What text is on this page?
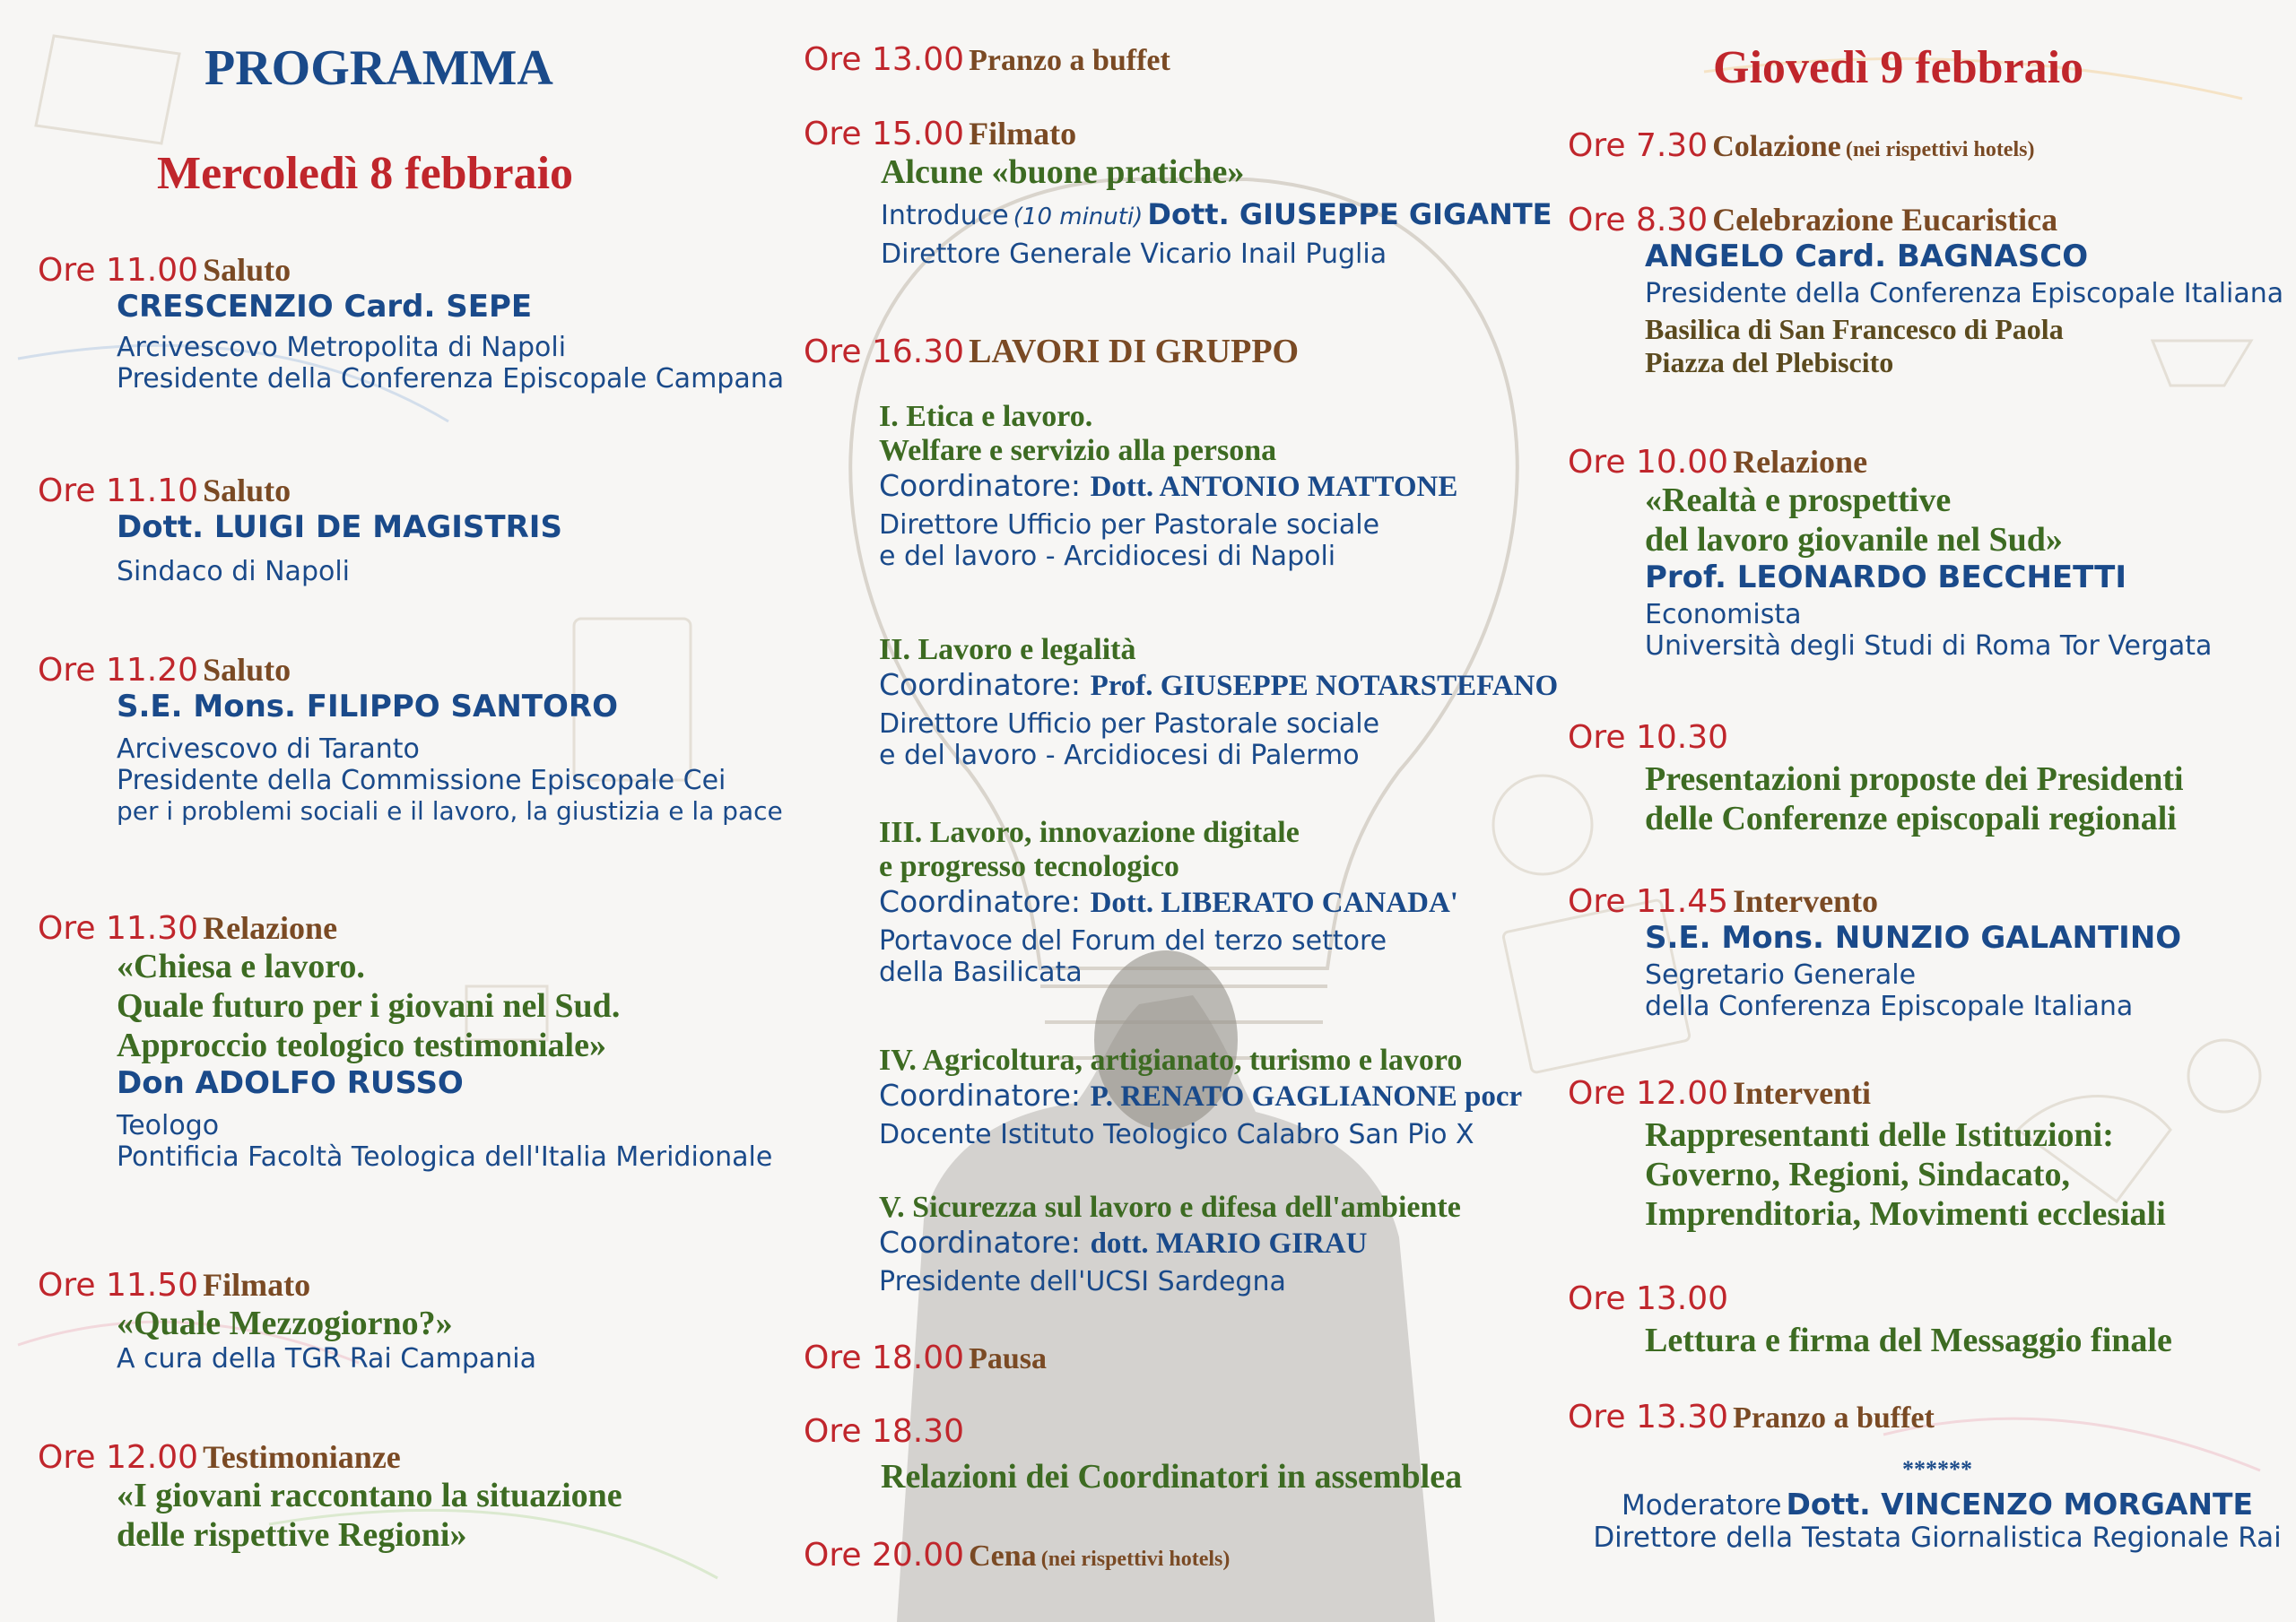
PROGRAMMA
Mercoledì 8 febbraio
Ore 11.00 Saluto
CRESCENZIO Card. SEPE
Arcivescovo Metropolita di Napoli
Presidente della Conferenza Episcopale Campana
Ore 11.10 Saluto
Dott. LUIGI DE MAGISTRIS
Sindaco di Napoli
Ore 11.20 Saluto
S.E. Mons. FILIPPO SANTORO
Arcivescovo di Taranto
Presidente della Commissione Episcopale Cei
per i problemi sociali e il lavoro, la giustizia e la pace
Ore 11.30 Relazione
«Chiesa e lavoro.
Quale futuro per i giovani nel Sud.
Approccio teologico testimoniale»
Don ADOLFO RUSSO
Teologo
Pontificia Facoltà Teologica dell'Italia Meridionale
Ore 11.50 Filmato
«Quale Mezzogiorno?»
A cura della TGR Rai Campania
Ore 12.00 Testimonianze
«I giovani raccontano la situazione
delle rispettive Regioni»
Ore 13.00 Pranzo a buffet
Ore 15.00 Filmato
Alcune «buone pratiche»
Introduce (10 minuti) Dott. GIUSEPPE GIGANTE
Direttore Generale Vicario Inail Puglia
Ore 16.30 LAVORI DI GRUPPO
I. Etica e lavoro.
Welfare e servizio alla persona
Coordinatore: Dott. ANTONIO MATTONE
Direttore Ufficio per Pastorale sociale
e del lavoro - Arcidiocesi di Napoli
II. Lavoro e legalità
Coordinatore: Prof. GIUSEPPE NOTARSTEFANO
Direttore Ufficio per Pastorale sociale
e del lavoro - Arcidiocesi di Palermo
III. Lavoro, innovazione digitale
e progresso tecnologico
Coordinatore: Dott. LIBERATO CANADA'
Portavoce del Forum del terzo settore
della Basilicata
IV. Agricoltura, artigianato, turismo e lavoro
Coordinatore: P. RENATO GAGLIANONE pocr
Docente Istituto Teologico Calabro San Pio X
V. Sicurezza sul lavoro e difesa dell'ambiente
Coordinatore: dott. MARIO GIRAU
Presidente dell'UCSI Sardegna
Ore 18.00 Pausa
Ore 18.30
Relazioni dei Coordinatori in assemblea
Ore 20.00 Cena (nei rispettivi hotels)
Giovedì 9 febbraio
Ore 7.30 Colazione (nei rispettivi hotels)
Ore 8.30 Celebrazione Eucaristica
ANGELO Card. BAGNASCO
Presidente della Conferenza Episcopale Italiana
Basilica di San Francesco di Paola
Piazza del Plebiscito
Ore 10.00 Relazione
«Realtà e prospettive
del lavoro giovanile nel Sud»
Prof. LEONARDO BECCHETTI
Economista
Università degli Studi di Roma Tor Vergata
Ore 10.30
Presentazioni proposte dei Presidenti
delle Conferenze episcopali regionali
Ore 11.45 Intervento
S.E. Mons. NUNZIO GALANTINO
Segretario Generale
della Conferenza Episcopale Italiana
Ore 12.00 Interventi
Rappresentanti delle Istituzioni:
Governo, Regioni, Sindacato,
Imprenditoria, Movimenti ecclesiali
Ore 13.00
Lettura e firma del Messaggio finale
Ore 13.30 Pranzo a buffet
******
Moderatore Dott. VINCENZO MORGANTE
Direttore della Testata Giornalistica Regionale Rai
